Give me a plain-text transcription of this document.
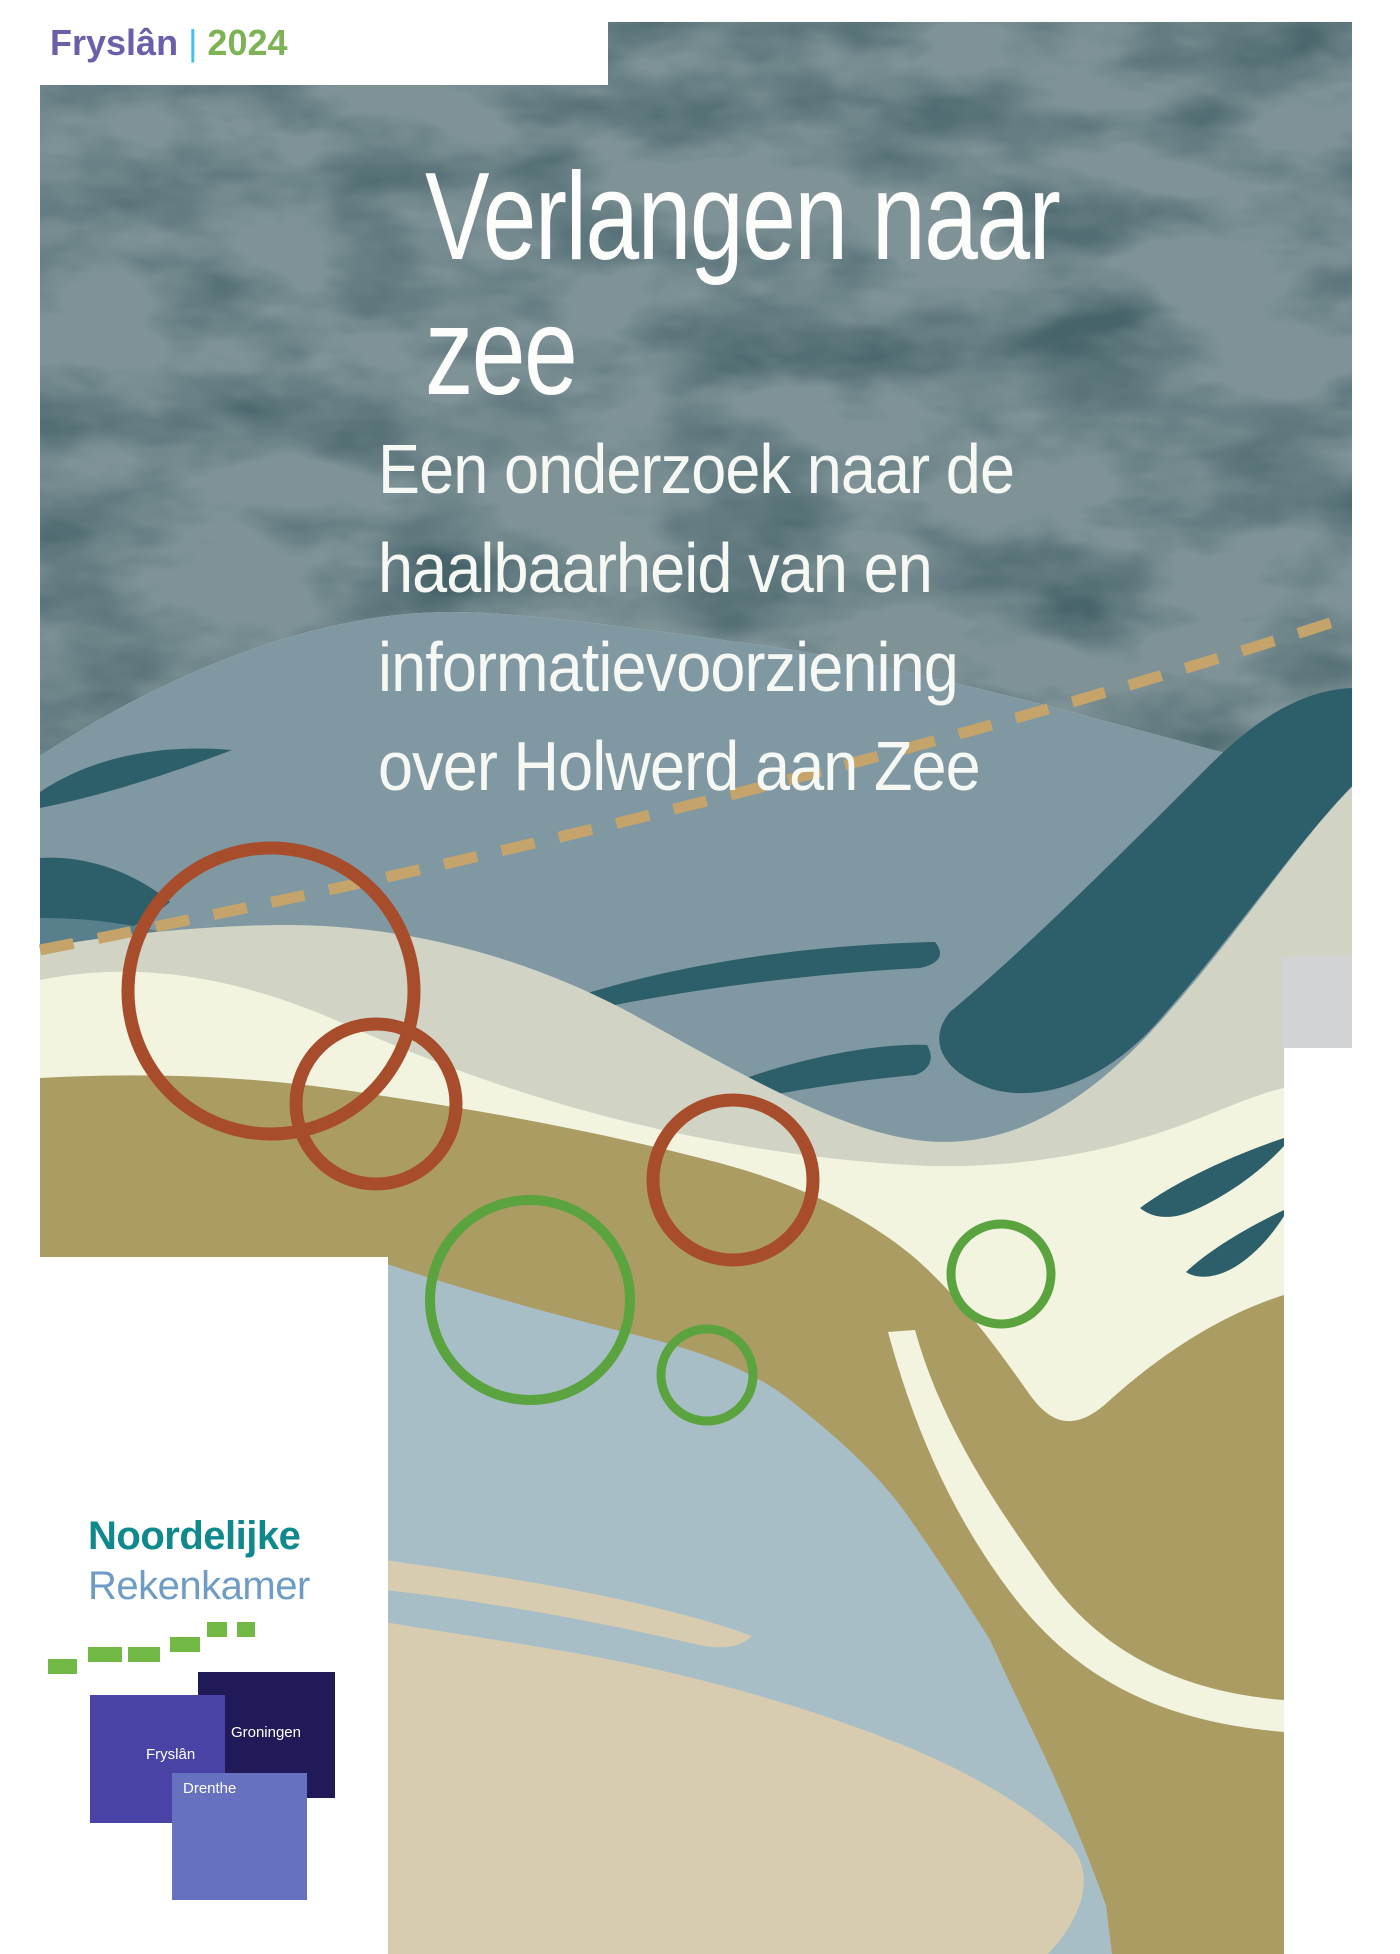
Fryslân | 2024
Verlangen naar
zee
Een onderzoek naar de
haalbaarheid van en
informatievoorziening
over Holwerd aan Zee
Noordelijke
Rekenkamer
Groningen
Fryslân
Drenthe
